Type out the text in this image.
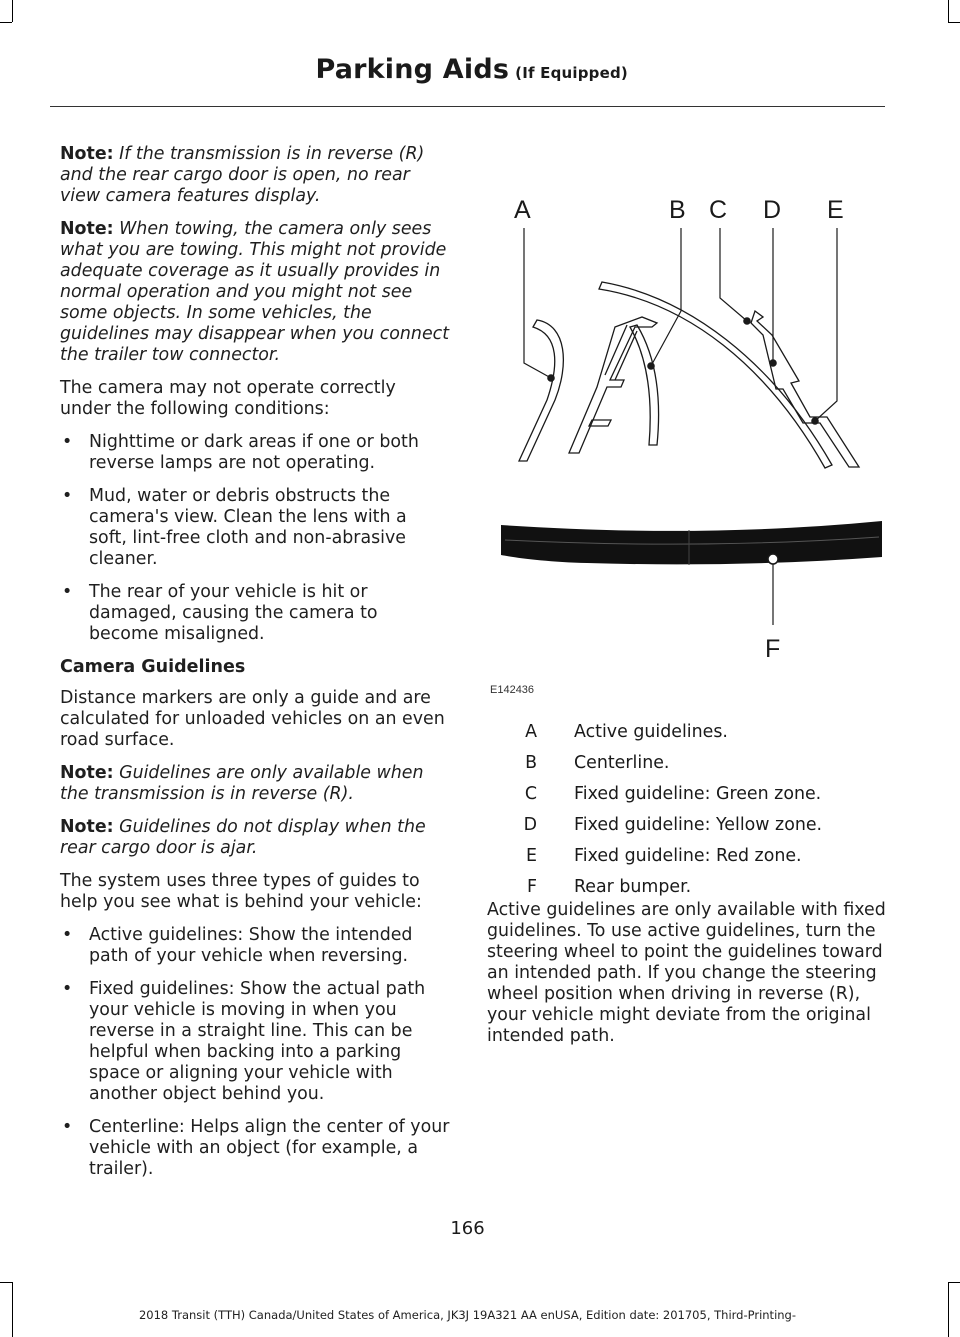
Parking Aids (If Equipped)

Note: If the transmission is in reverse (R) and the rear cargo door is open, no rear view camera features display.

Note: When towing, the camera only sees what you are towing. This might not provide adequate coverage as it usually provides in normal operation and you might not see some objects. In some vehicles, the guidelines may disappear when you connect the trailer tow connector.

The camera may not operate correctly under the following conditions:

• Nighttime or dark areas if one or both reverse lamps are not operating.
• Mud, water or debris obstructs the camera's view. Clean the lens with a soft, lint-free cloth and non-abrasive cleaner.
• The rear of your vehicle is hit or damaged, causing the camera to become misaligned.
Camera Guidelines

Distance markers are only a guide and are calculated for unloaded vehicles on an even road surface.

Note: Guidelines are only available when the transmission is in reverse (R).

Note: Guidelines do not display when the rear cargo door is ajar.

The system uses three types of guides to help you see what is behind your vehicle:

• Active guidelines: Show the intended path of your vehicle when reversing.
• Fixed guidelines: Show the actual path your vehicle is moving in when you reverse in a straight line. This can be helpful when backing into a parking space or aligning your vehicle with another object behind you.
• Centerline: Helps align the center of your vehicle with an object (for example, a trailer).
A	B C D E
F
E142436
A Active guidelines.
B Centerline.
C Fixed guideline: Green zone.
D Fixed guideline: Yellow zone.
E Fixed guideline: Red zone.
F Rear bumper.

Active guidelines are only available with fixed guidelines. To use active guidelines, turn the steering wheel to point the guidelines toward an intended path. If you change the steering wheel position when driving in reverse (R), your vehicle might deviate from the original intended path.

166
2018 Transit (TTH) Canada/United States of America, JK3J 19A321 AA enUSA, Edition date: 201705, Third-Printing-
